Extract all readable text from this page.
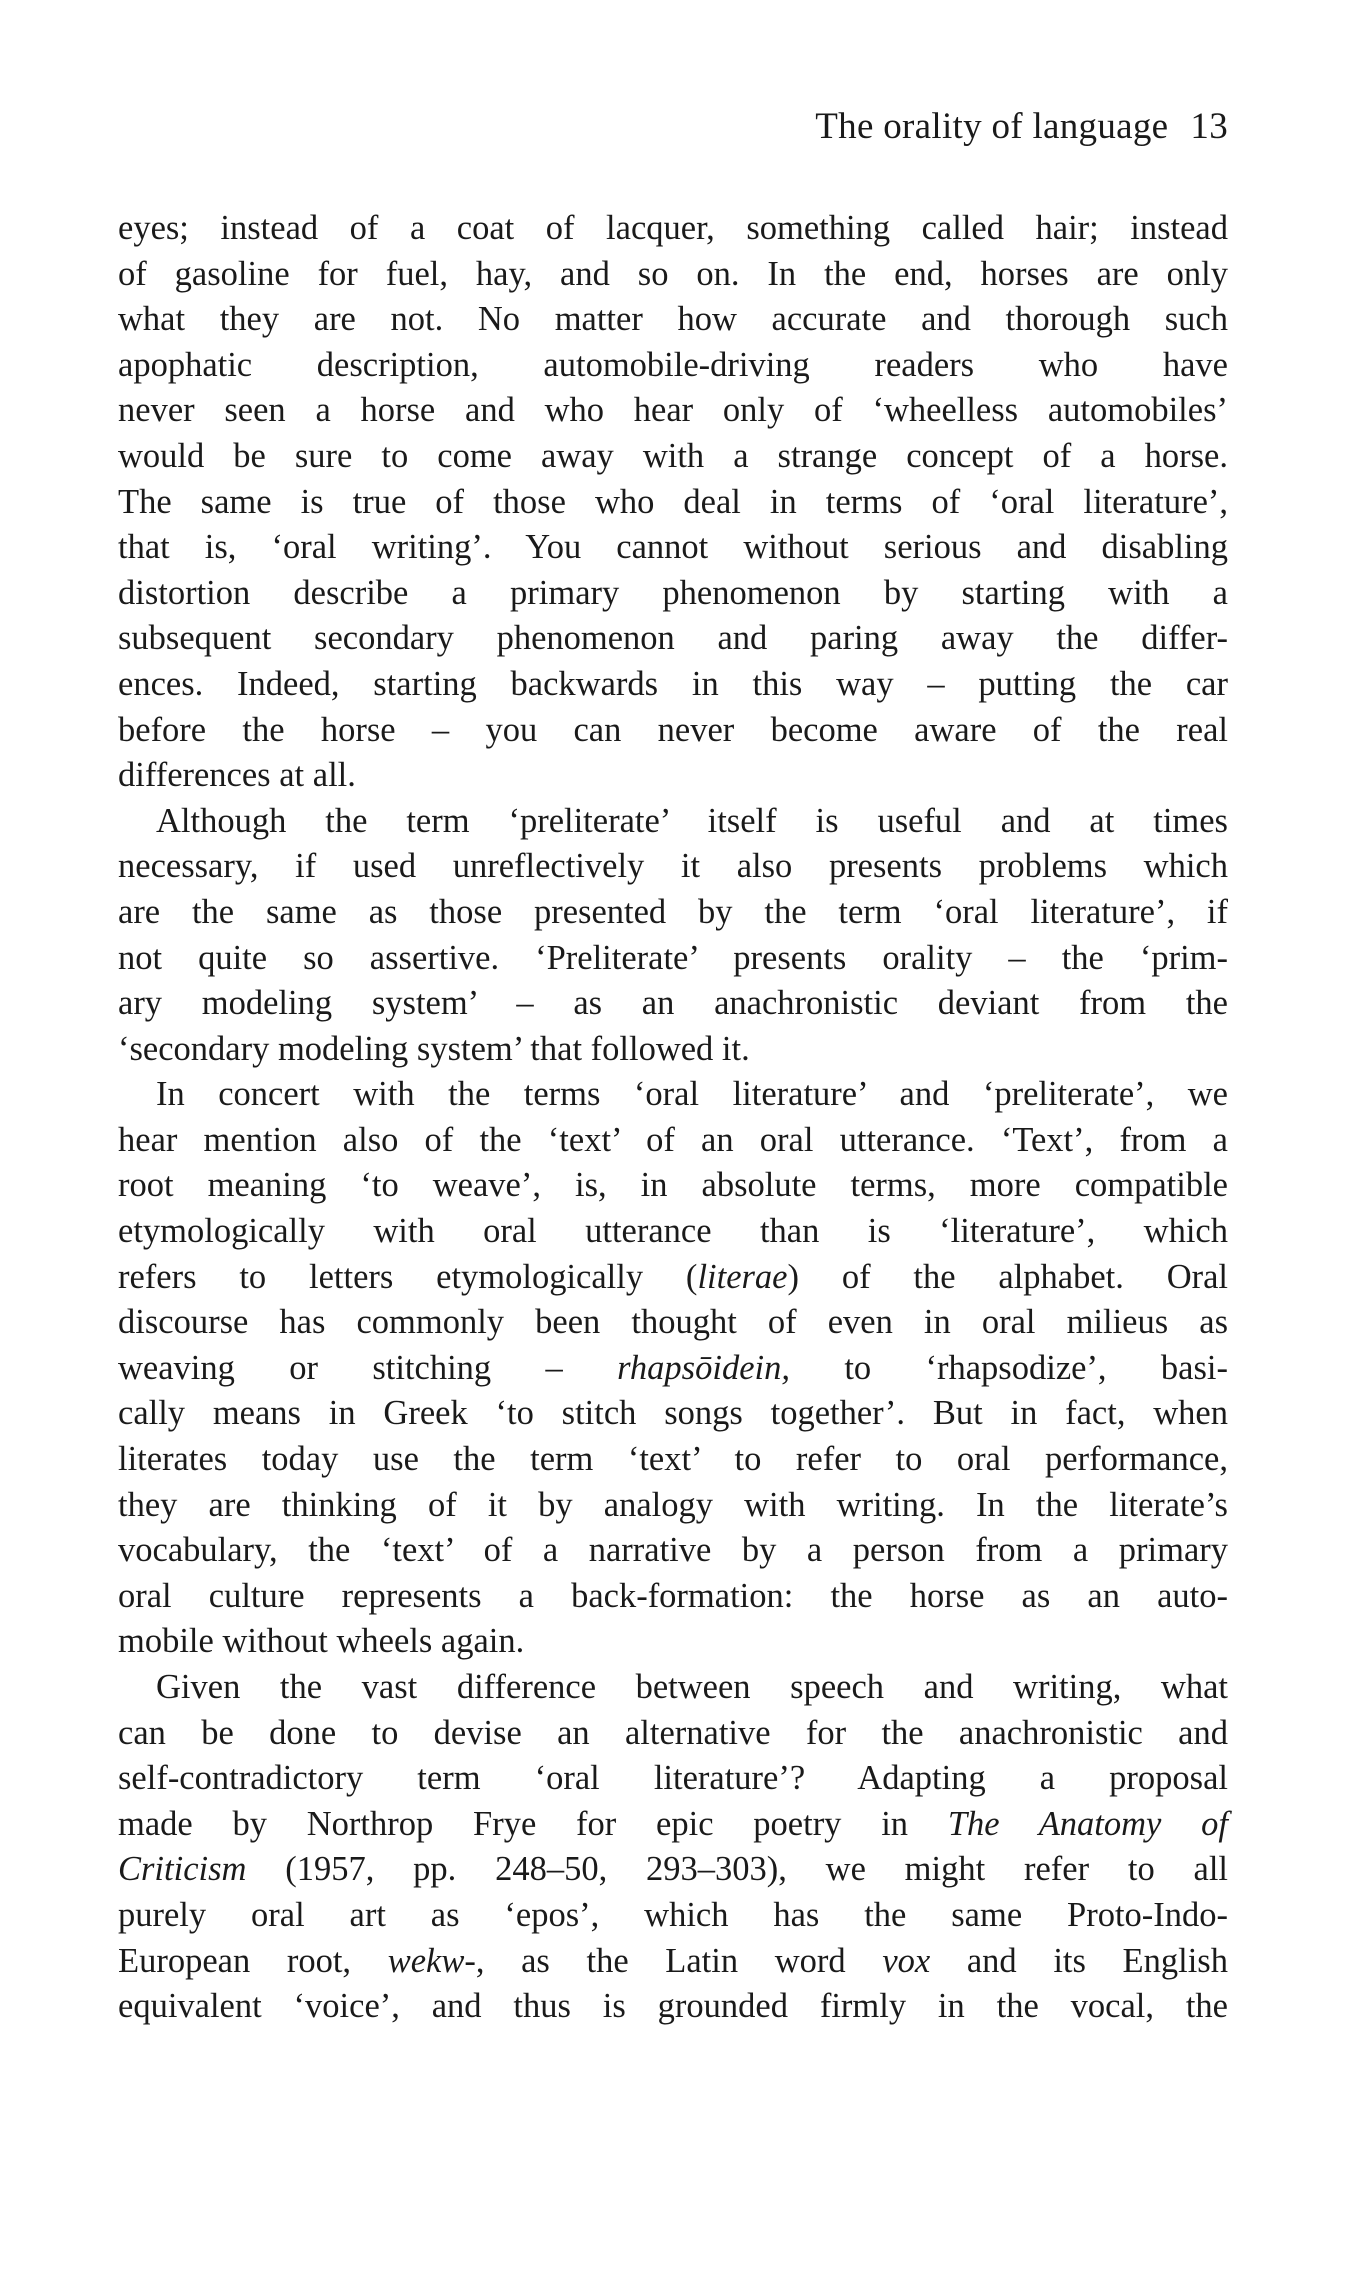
The orality of language 13
eyes; instead of a coat of lacquer, something called hair; instead
of gasoline for fuel, hay, and so on. In the end, horses are only
what they are not. No matter how accurate and thorough such
apophatic description, automobile-driving readers who have
never seen a horse and who hear only of ‘wheelless automobiles’
would be sure to come away with a strange concept of a horse.
The same is true of those who deal in terms of ‘oral literature’,
that is, ‘oral writing’. You cannot without serious and disabling
distortion describe a primary phenomenon by starting with a
subsequent secondary phenomenon and paring away the differ-
ences. Indeed, starting backwards in this way – putting the car
before the horse – you can never become aware of the real
differences at all.
Although the term ‘preliterate’ itself is useful and at times
necessary, if used unreflectively it also presents problems which
are the same as those presented by the term ‘oral literature’, if
not quite so assertive. ‘Preliterate’ presents orality – the ‘prim-
ary modeling system’ – as an anachronistic deviant from the
‘secondary modeling system’ that followed it.
In concert with the terms ‘oral literature’ and ‘preliterate’, we
hear mention also of the ‘text’ of an oral utterance. ‘Text’, from a
root meaning ‘to weave’, is, in absolute terms, more compatible
etymologically with oral utterance than is ‘literature’, which
refers to letters etymologically (literae) of the alphabet. Oral
discourse has commonly been thought of even in oral milieus as
weaving or stitching – rhapsōidein, to ‘rhapsodize’, basi-
cally means in Greek ‘to stitch songs together’. But in fact, when
literates today use the term ‘text’ to refer to oral performance,
they are thinking of it by analogy with writing. In the literate’s
vocabulary, the ‘text’ of a narrative by a person from a primary
oral culture represents a back-formation: the horse as an auto-
mobile without wheels again.
Given the vast difference between speech and writing, what
can be done to devise an alternative for the anachronistic and
self-contradictory term ‘oral literature’? Adapting a proposal
made by Northrop Frye for epic poetry in The Anatomy of
Criticism (1957, pp. 248–50, 293–303), we might refer to all
purely oral art as ‘epos’, which has the same Proto-Indo-
European root, wekw-, as the Latin word vox and its English
equivalent ‘voice’, and thus is grounded firmly in the vocal, the
